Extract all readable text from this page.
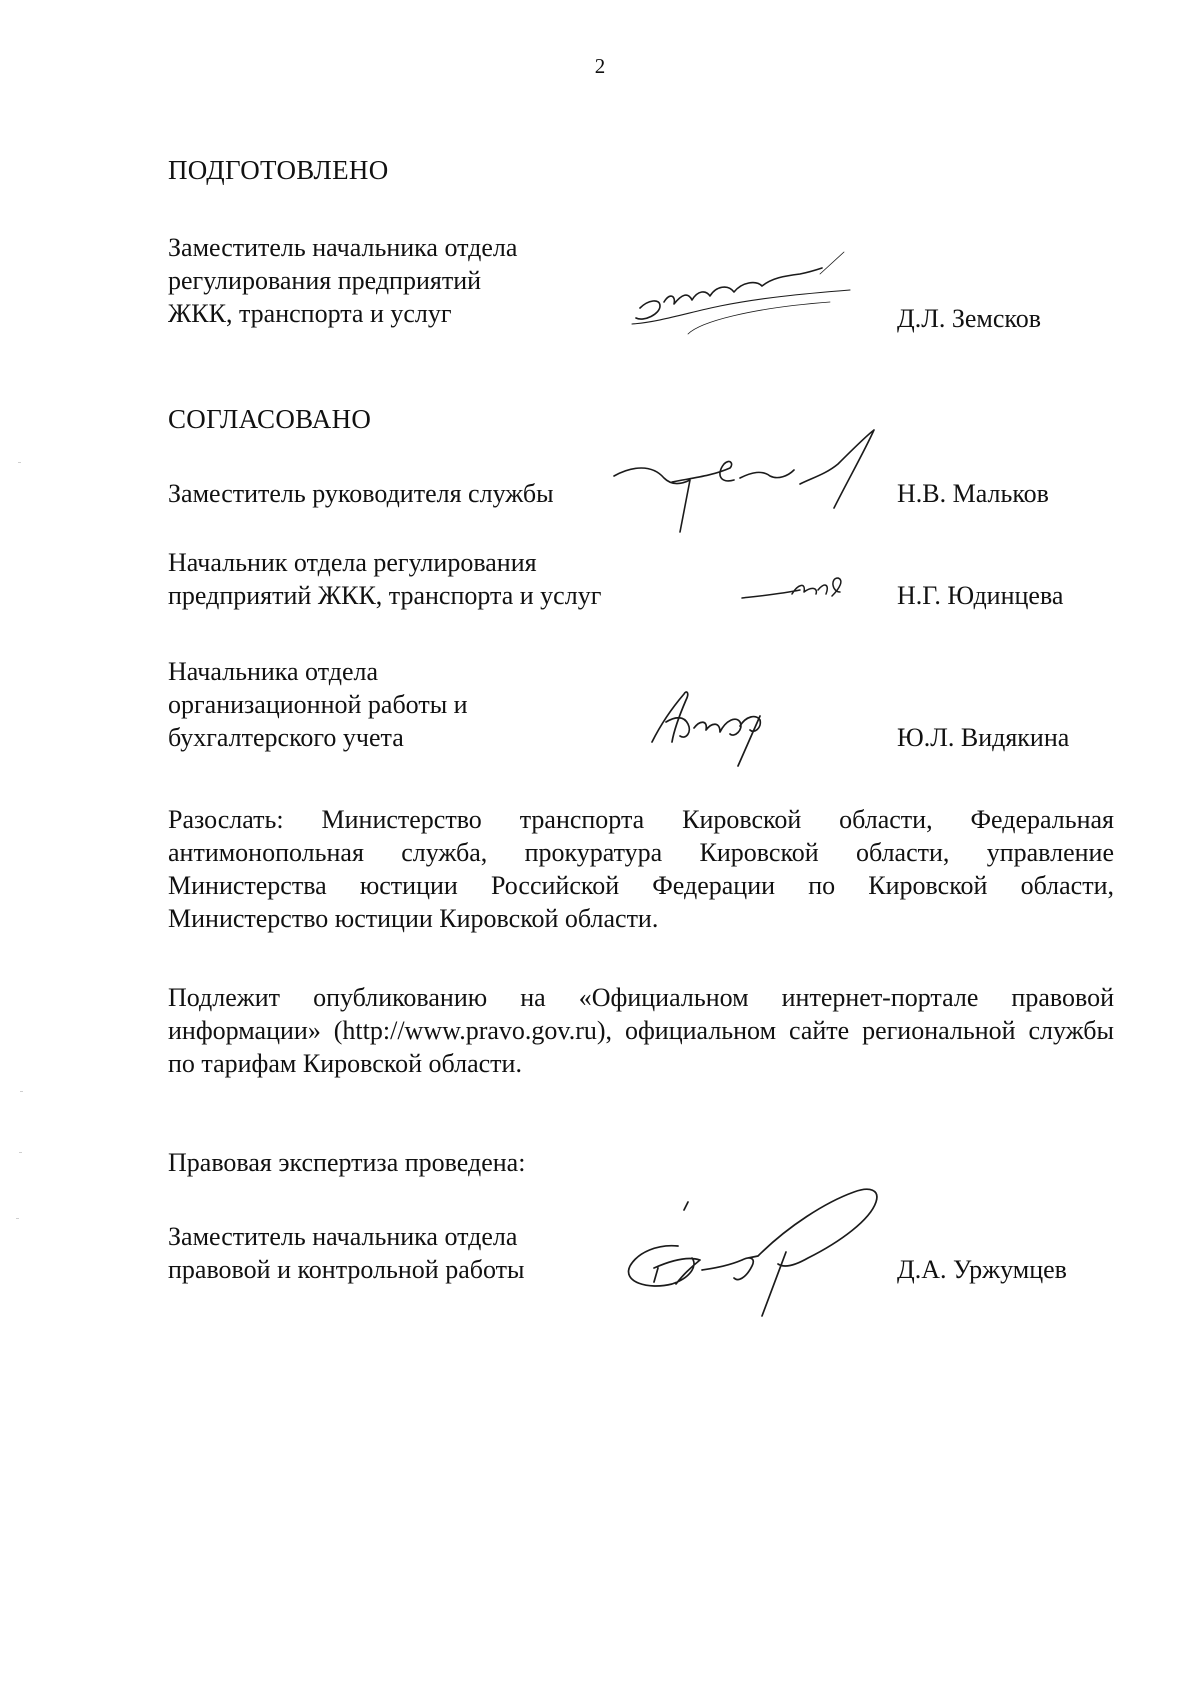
2
ПОДГОТОВЛЕНО
Заместитель начальника отдела
регулирования предприятий
ЖКК, транспорта и услуг	Д.Л. Земсков
СОГЛАСОВАНО
Заместитель руководителя службы	Н.В. Мальков
Начальник отдела регулирования
предприятий ЖКК, транспорта и услуг	Н.Г. Юдинцева
Начальника отдела
организационной работы и
бухгалтерского учета	Ю.Л. Видякина
Разослать: Министерство транспорта Кировской области, Федеральная антимонопольная служба, прокуратура Кировской области, управление Министерства юстиции Российской Федерации по Кировской области, Министерство юстиции Кировской области.
Подлежит опубликованию на «Официальном интернет-портале правовой информации» (http://www.pravo.gov.ru), официальном сайте региональной службы по тарифам Кировской области.
Правовая экспертиза проведена:
Заместитель начальника отдела
правовой и контрольной работы	Д.А. Уржумцев
